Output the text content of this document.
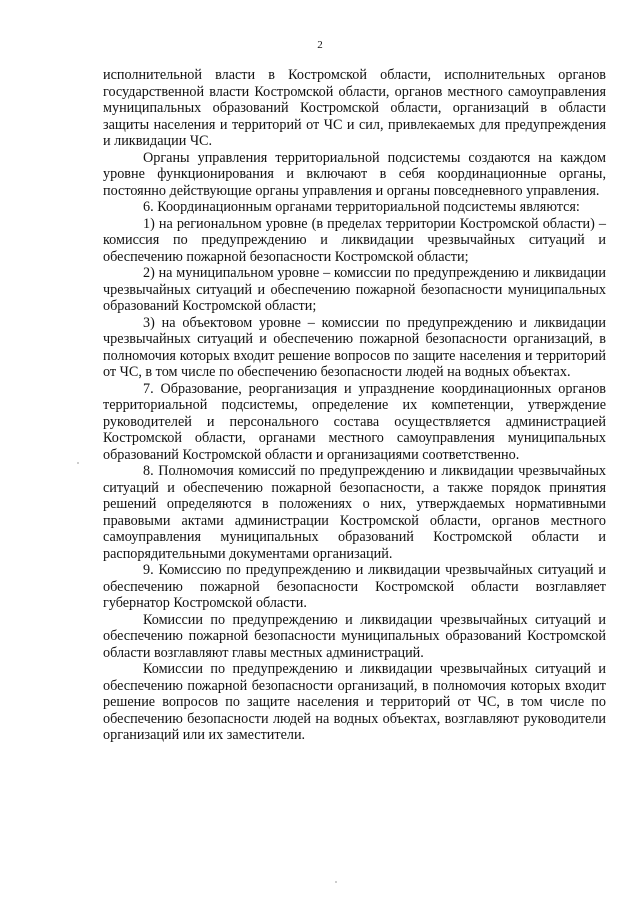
2

исполнительной власти в Костромской области, исполнительных органов государственной власти Костромской области, органов местного самоуправления муниципальных образований Костромской области, организаций в области защиты населения и территорий от ЧС и сил, привлекаемых для предупреждения и ликвидации ЧС.

Органы управления территориальной подсистемы создаются на каждом уровне функционирования и включают в себя координационные органы, постоянно действующие органы управления и органы повседневного управления.

6. Координационным органами территориальной подсистемы являются:

1) на региональном уровне (в пределах территории Костромской области) – комиссия по предупреждению и ликвидации чрезвычайных ситуаций и обеспечению пожарной безопасности Костромской области;

2) на муниципальном уровне – комиссии по предупреждению и ликвидации чрезвычайных ситуаций и обеспечению пожарной безопасности муниципальных образований Костромской области;

3) на объектовом уровне – комиссии по предупреждению и ликвидации чрезвычайных ситуаций и обеспечению пожарной безопасности организаций, в полномочия которых входит решение вопросов по защите населения и территорий от ЧС, в том числе по обеспечению безопасности людей на водных объектах.

7. Образование, реорганизация и упразднение координационных органов территориальной подсистемы, определение их компетенции, утверждение руководителей и персонального состава осуществляется администрацией Костромской области, органами местного самоуправления муниципальных образований Костромской области и организациями соответственно.

8. Полномочия комиссий по предупреждению и ликвидации чрезвычайных ситуаций и обеспечению пожарной безопасности, а также порядок принятия решений определяются в положениях о них, утверждаемых нормативными правовыми актами администрации Костромской области, органов местного самоуправления муниципальных образований Костромской области и распорядительными документами организаций.

9. Комиссию по предупреждению и ликвидации чрезвычайных ситуаций и обеспечению пожарной безопасности Костромской области возглавляет губернатор Костромской области.

Комиссии по предупреждению и ликвидации чрезвычайных ситуаций и обеспечению пожарной безопасности муниципальных образований Костромской области возглавляют главы местных администраций.

Комиссии по предупреждению и ликвидации чрезвычайных ситуаций и обеспечению пожарной безопасности организаций, в полномочия которых входит решение вопросов по защите населения и территорий от ЧС, в том числе по обеспечению безопасности людей на водных объектах, возглавляют руководители организаций или их заместители.
